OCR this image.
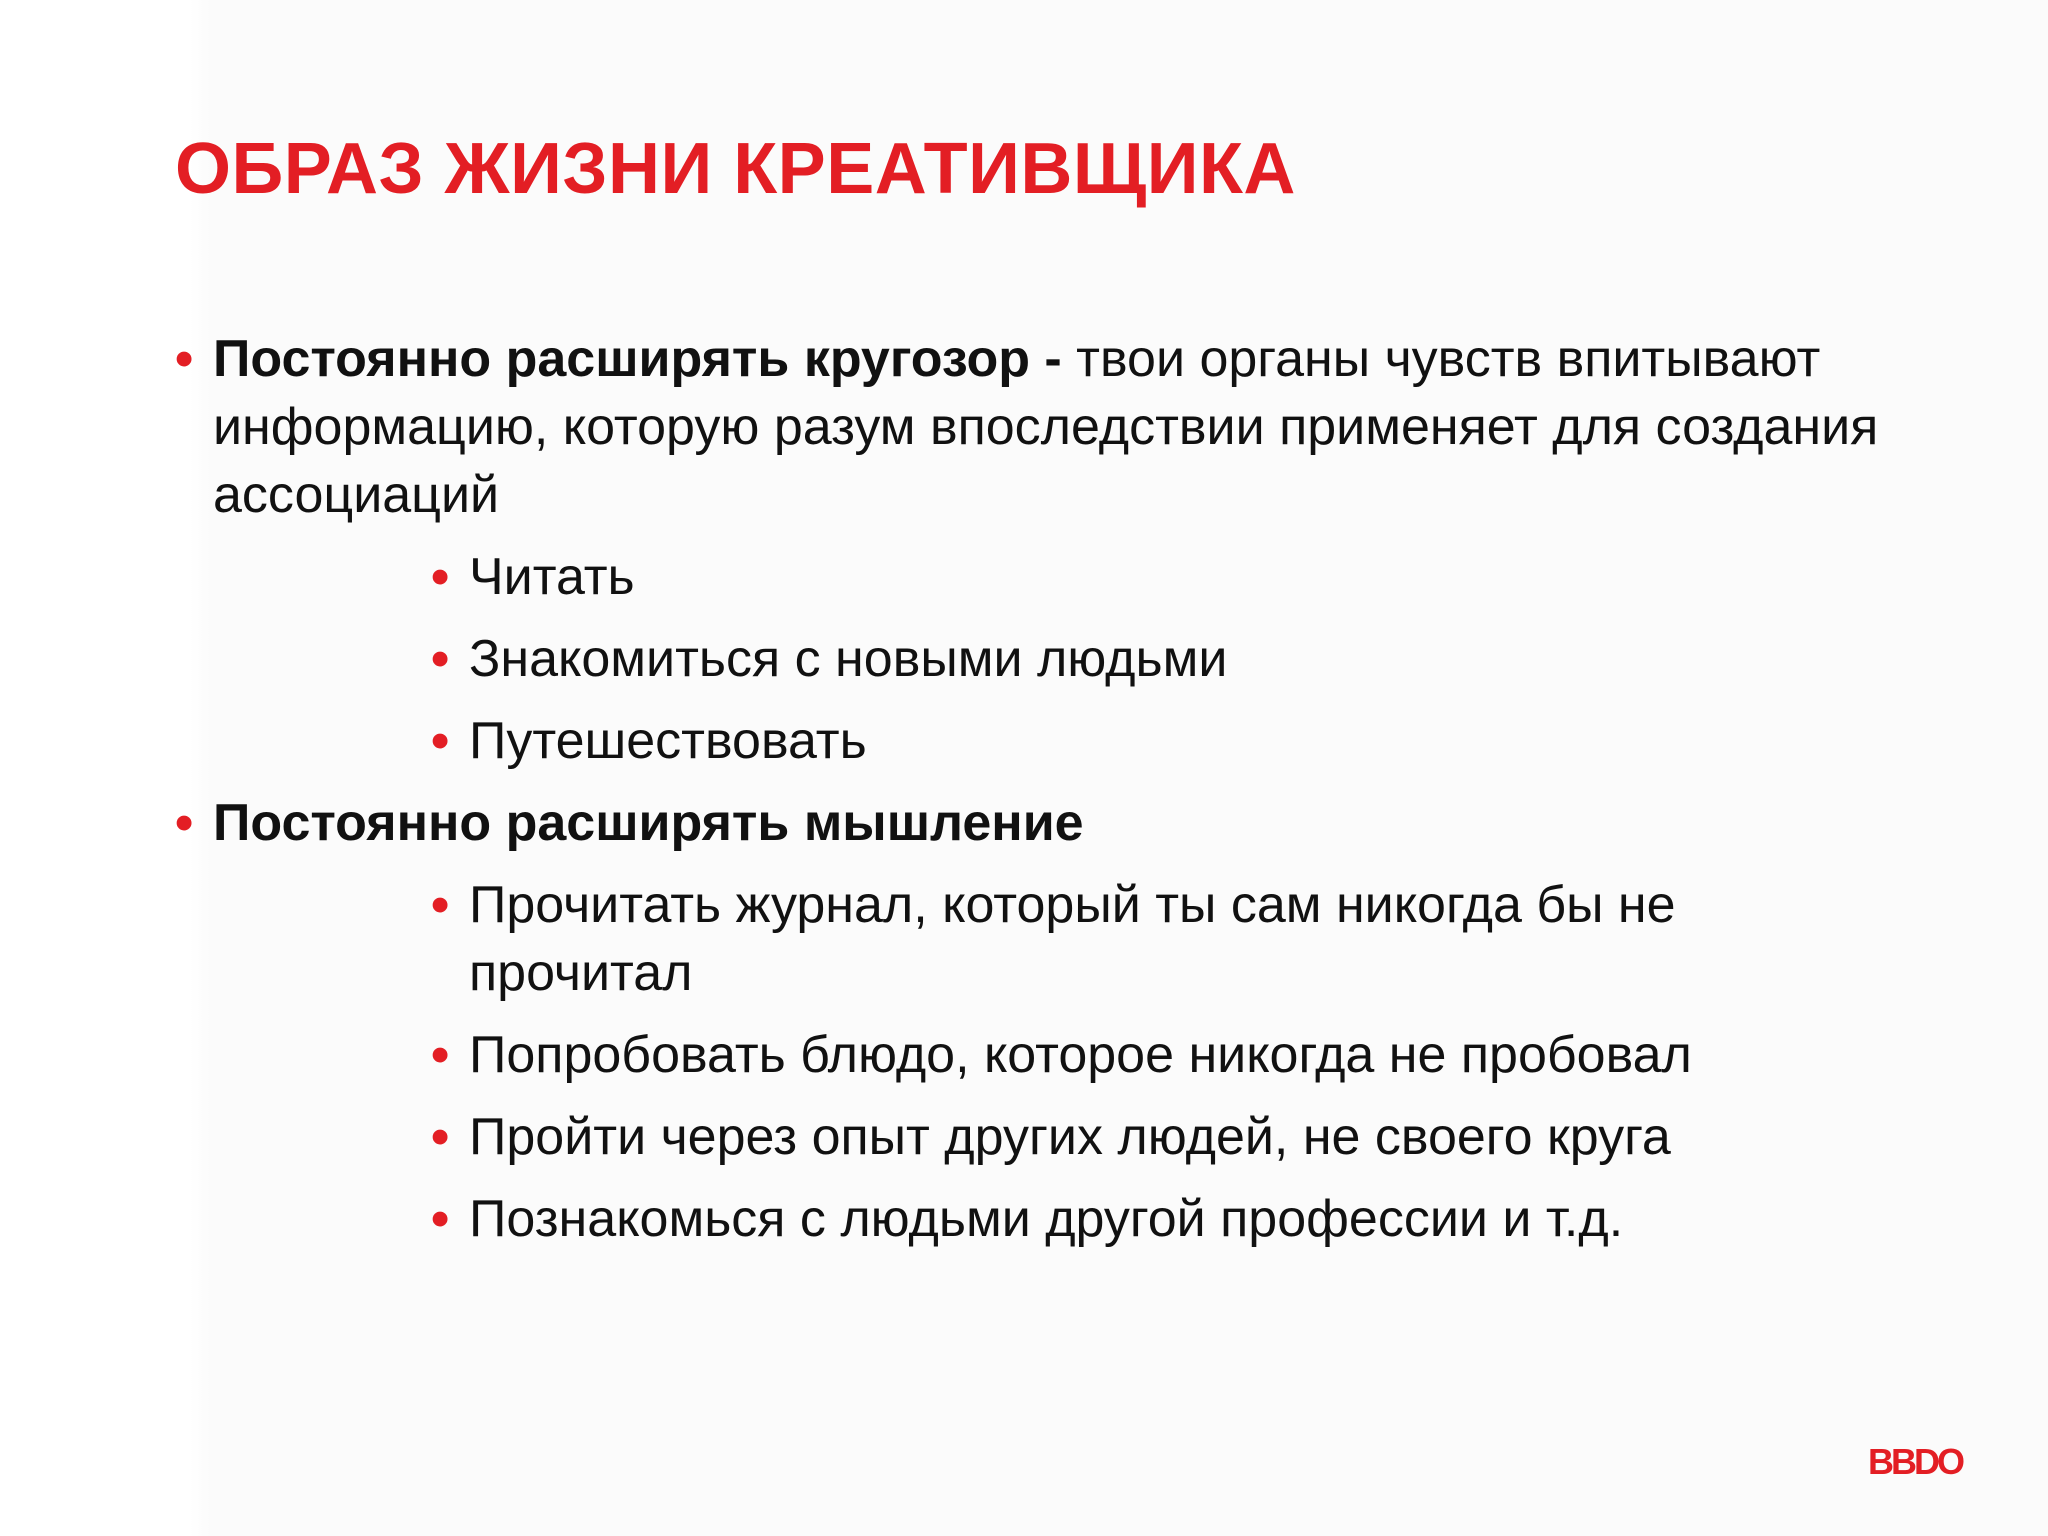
ОБРАЗ ЖИЗНИ КРЕАТИВЩИКА
• Постоянно расширять кругозор - твои органы чувств впитывают информацию, которую разум впоследствии применяет для создания ассоциаций
• Читать
• Знакомиться с новыми людьми
• Путешествовать
• Постоянно расширять мышление
• Прочитать журнал, который ты сам никогда бы не прочитал
• Попробовать блюдо, которое никогда не пробовал
• Пройти через опыт других людей, не своего круга
• Познакомься с людьми другой профессии и т.д.
BBDO
